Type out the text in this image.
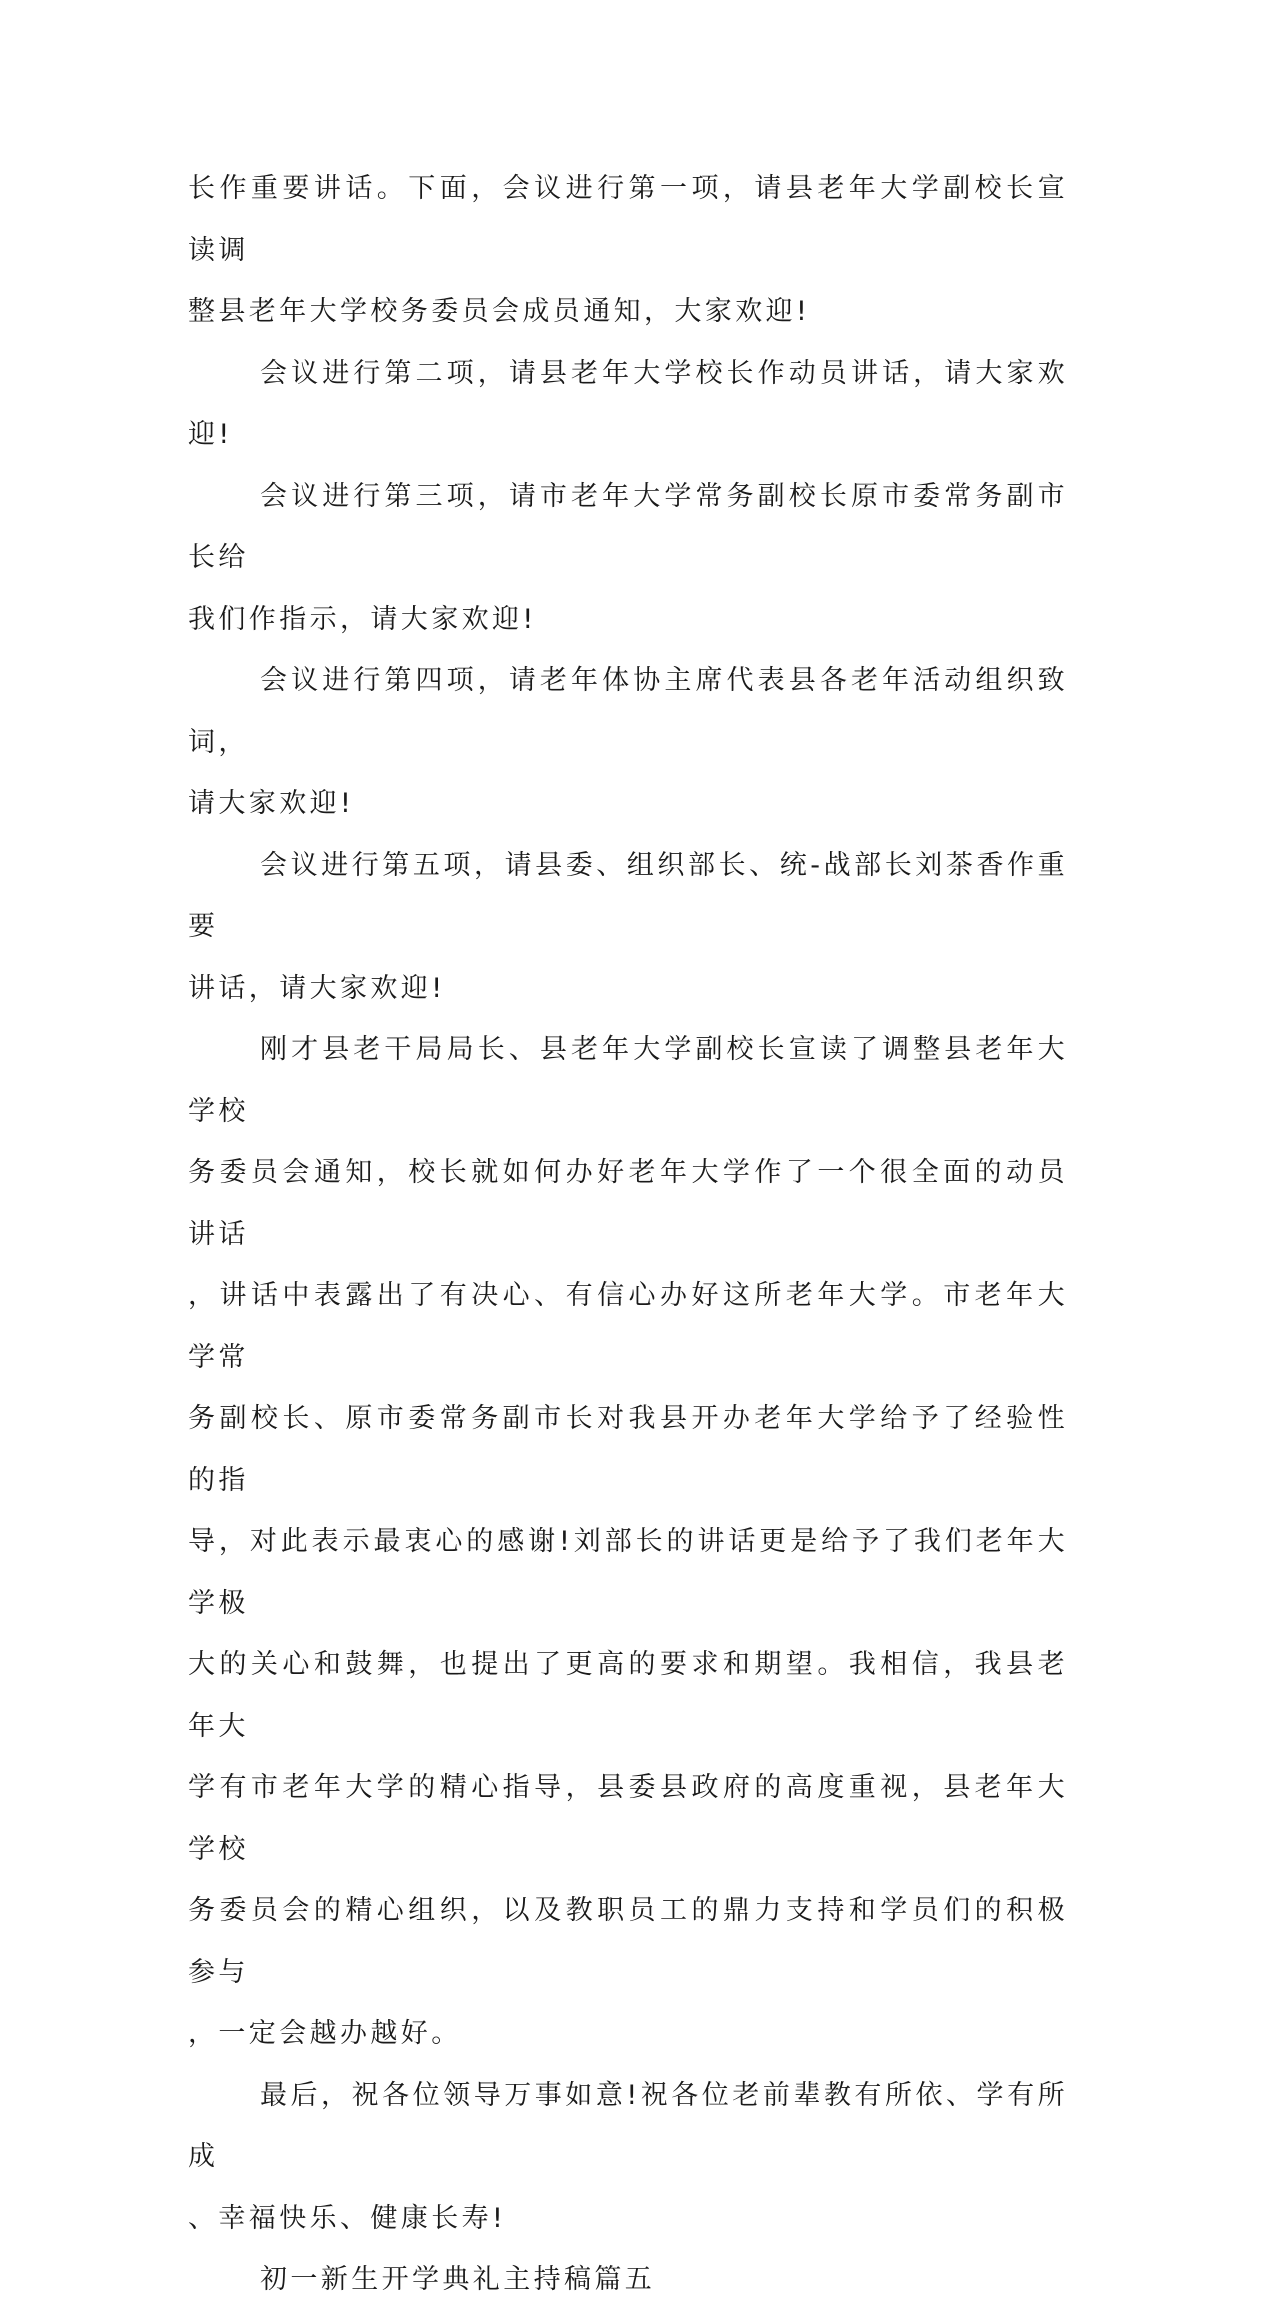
长作重要讲话。下面，会议进行第一项，请县老年大学副校长宣读调
整县老年大学校务委员会成员通知，大家欢迎!

会议进行第二项，请县老年大学校长作动员讲话，请大家欢迎!

会议进行第三项，请市老年大学常务副校长原市委常务副市长给
我们作指示，请大家欢迎!

会议进行第四项，请老年体协主席代表县各老年活动组织致词，
请大家欢迎!

会议进行第五项，请县委、组织部长、统-战部长刘茶香作重要
讲话，请大家欢迎!

刚才县老干局局长、县老年大学副校长宣读了调整县老年大学校
务委员会通知，校长就如何办好老年大学作了一个很全面的动员讲话
，讲话中表露出了有决心、有信心办好这所老年大学。市老年大学常
务副校长、原市委常务副市长对我县开办老年大学给予了经验性的指
导，对此表示最衷心的感谢!刘部长的讲话更是给予了我们老年大学极
大的关心和鼓舞，也提出了更高的要求和期望。我相信，我县老年大
学有市老年大学的精心指导，县委县政府的高度重视，县老年大学校
务委员会的精心组织，以及教职员工的鼎力支持和学员们的积极参与
，一定会越办越好。

最后，祝各位领导万事如意!祝各位老前辈教有所依、学有所成
、幸福快乐、健康长寿!

初一新生开学典礼主持稿篇五
